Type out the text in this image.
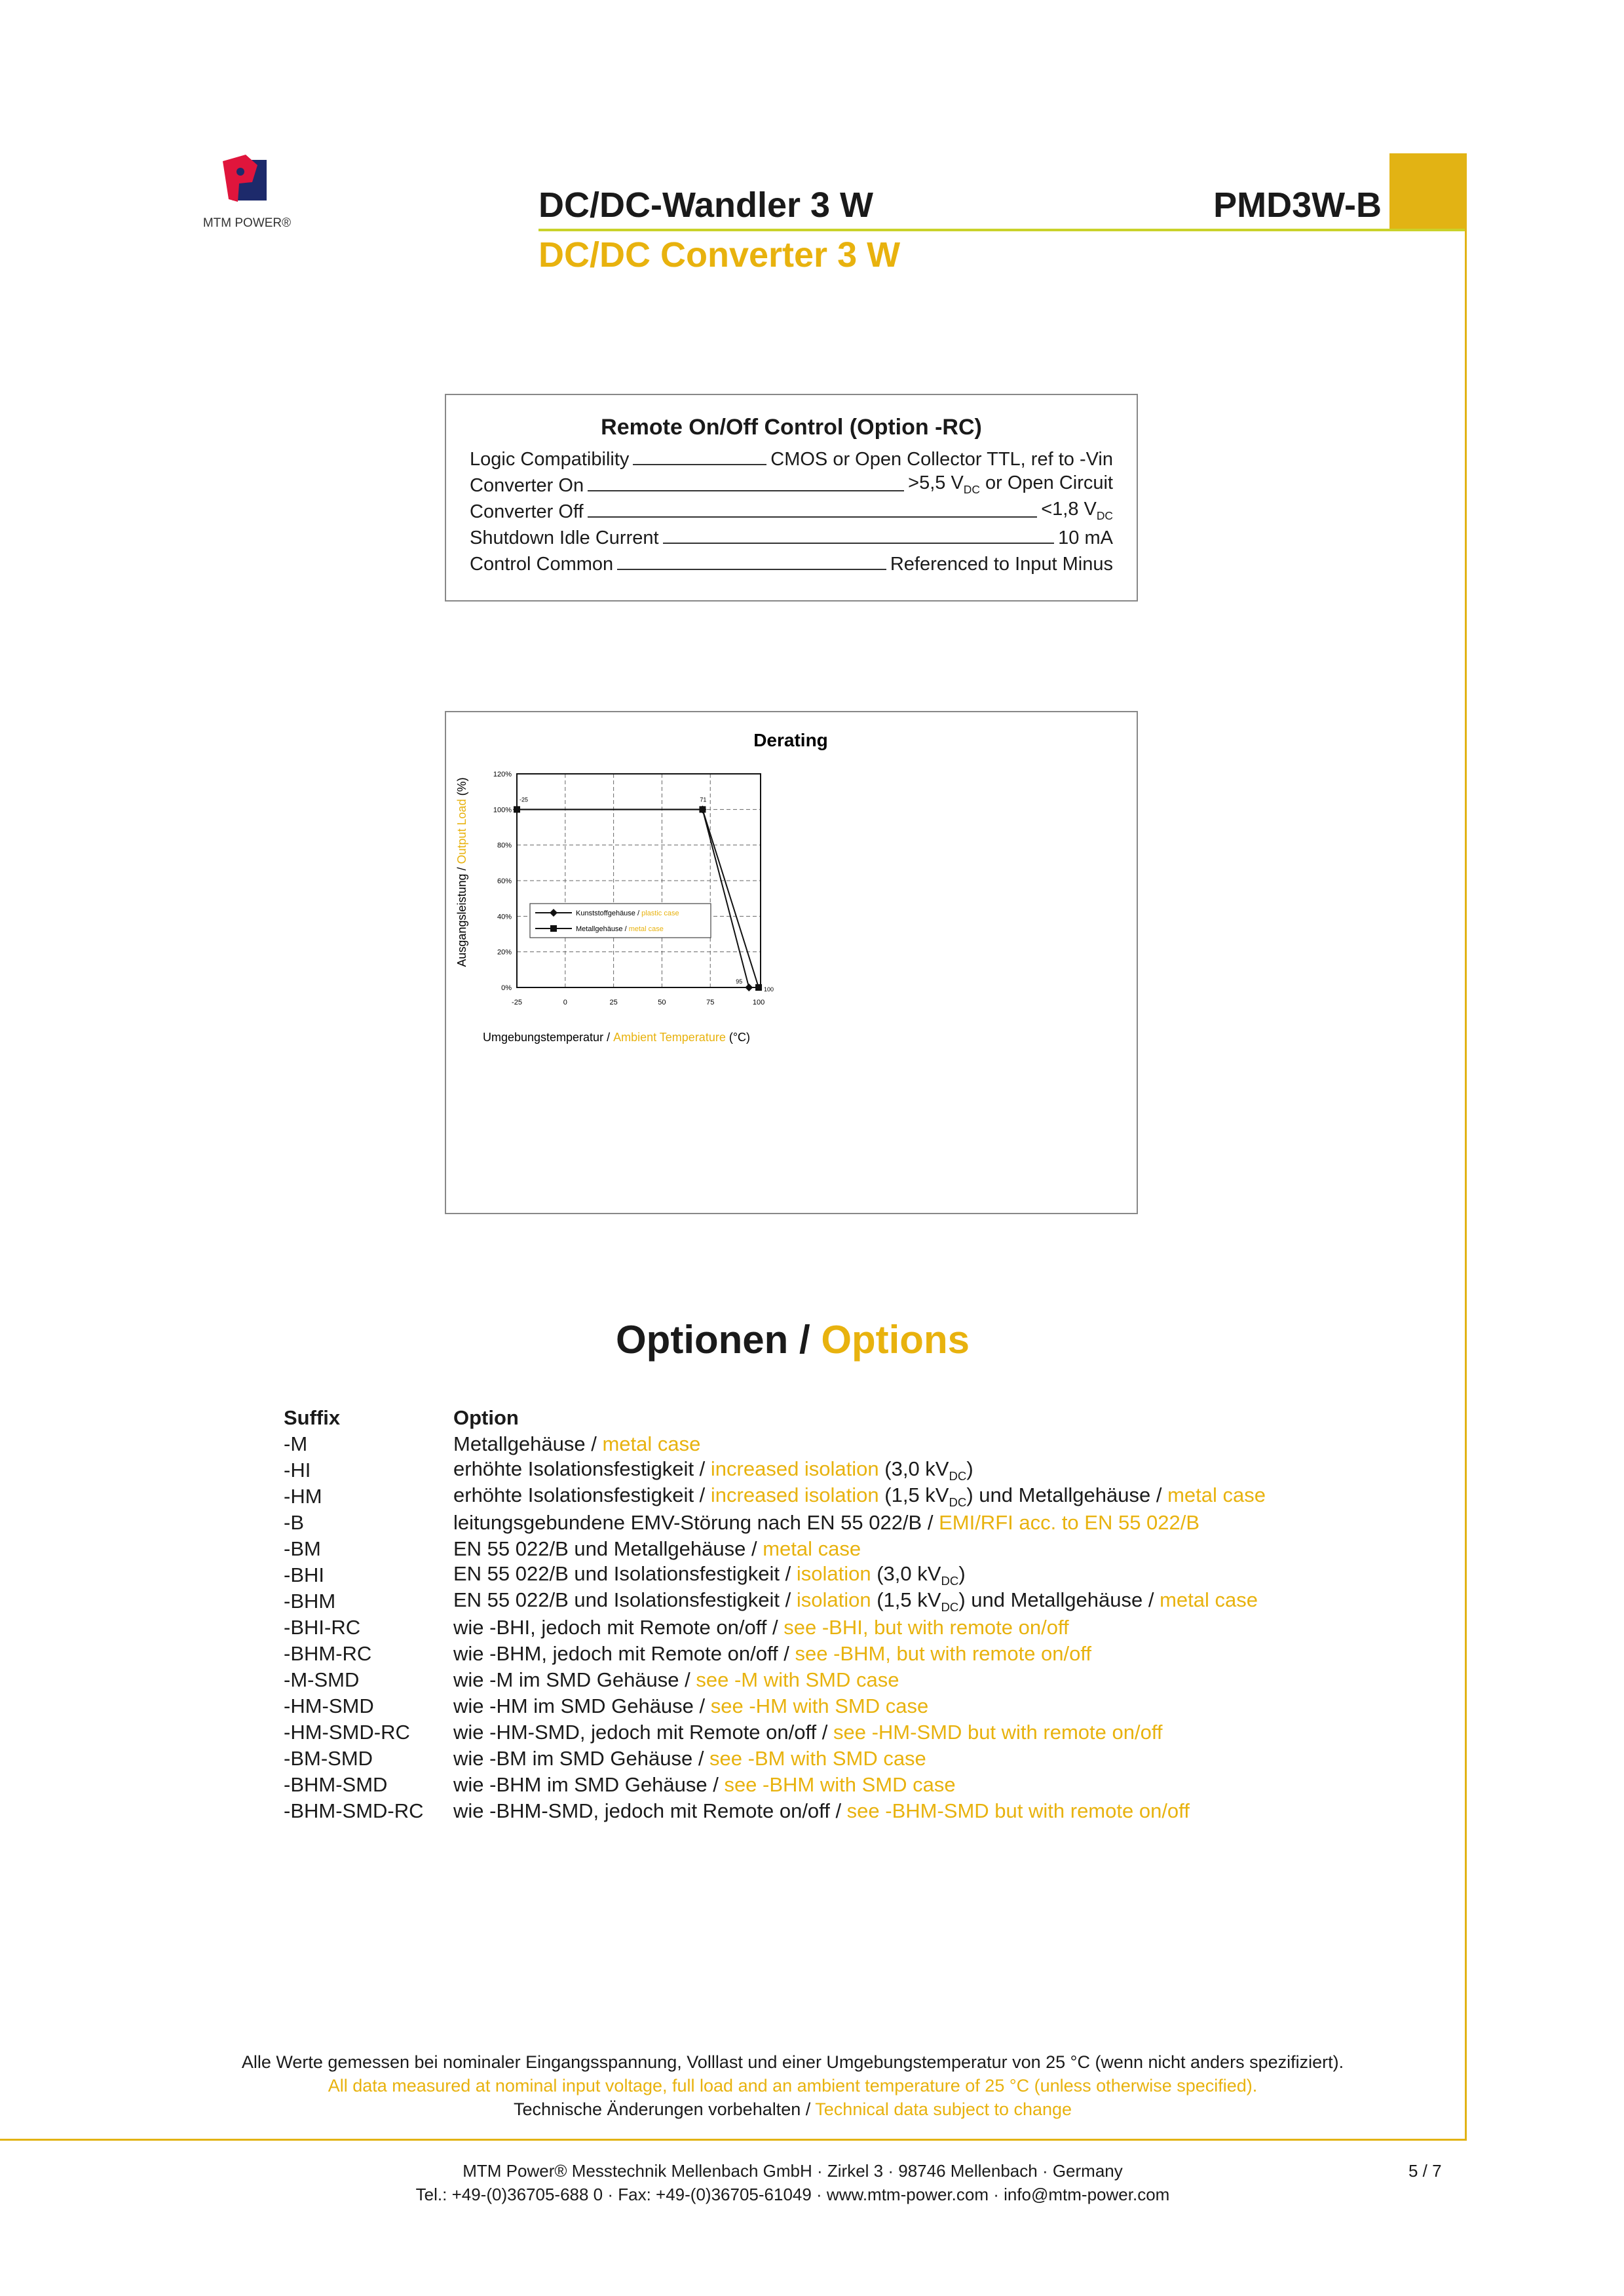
MTM POWER®	DC/DC-Wandler 3 W	PMD3W-B
DC/DC Converter 3 W
Remote On/Off Control (Option -RC)
Logic Compatibility	CMOS or Open Collector TTL, ref to -Vin
Converter On	>5,5 $V_{DC}$ or Open Circuit
Converter Off	<1,8 $V_{DC}$
Shutdown Idle Current	10 mA
Control Common	Referenced to Input Minus
Derating
-25	0	25	50	75	100
0%
20%
40%
60%
80%
100%
120%
-25	71
95
100
Kunststoffgehäuse / plastic case
Metallgehäuse / metal case
Umgebungstemperatur / Ambient Temperature (°C)
Ausgangsleistung / Output Load (%)
Optionen / Options
Suffix	Option
-M	Metallgehäuse / metal case
-HI	erhöhte Isolationsfestigkeit / increased isolation (3,0 $kV_{DC}$)
-HM	erhöhte Isolationsfestigkeit / increased isolation (1,5 $kV_{DC}$) und Metallgehäuse / metal case
-B	leitungsgebundene EMV-Störung nach EN 55 022/B / EMI/RFI acc. to EN 55 022/B
-BM	EN 55 022/B und Metallgehäuse / metal case
-BHI	EN 55 022/B und Isolationsfestigkeit / isolation (3,0 $kV_{DC}$)
-BHM	EN 55 022/B und Isolationsfestigkeit / isolation (1,5 $kV_{DC}$) und Metallgehäuse / metal case
-BHI-RC	wie -BHI, jedoch mit Remote on/off / see -BHI, but with remote on/off
-BHM-RC	wie -BHM, jedoch mit Remote on/off / see -BHM, but with remote on/off
-M-SMD	wie -M im SMD Gehäuse / see -M with SMD case
-HM-SMD	wie -HM im SMD Gehäuse / see -HM with SMD case
-HM-SMD-RC	wie -HM-SMD, jedoch mit Remote on/off / see -HM-SMD but with remote on/off
-BM-SMD	wie -BM im SMD Gehäuse / see -BM with SMD case
-BHM-SMD	wie -BHM im SMD Gehäuse / see -BHM with SMD case
-BHM-SMD-RC	wie -BHM-SMD, jedoch mit Remote on/off / see -BHM-SMD but with remote on/off
Alle Werte gemessen bei nominaler Eingangsspannung, Volllast und einer Umgebungstemperatur von 25 °C (wenn nicht anders spezifiziert).
All data measured at nominal input voltage, full load and an ambient temperature of 25 °C (unless otherwise specified).
Technische Änderungen vorbehalten / Technical data subject to change
MTM Power® Messtechnik Mellenbach GmbH · Zirkel 3 · 98746 Mellenbach · Germany
Tel.: +49-(0)36705-688 0 · Fax: +49-(0)36705-61049 · www.mtm-power.com · info@mtm-power.com
5 / 7
